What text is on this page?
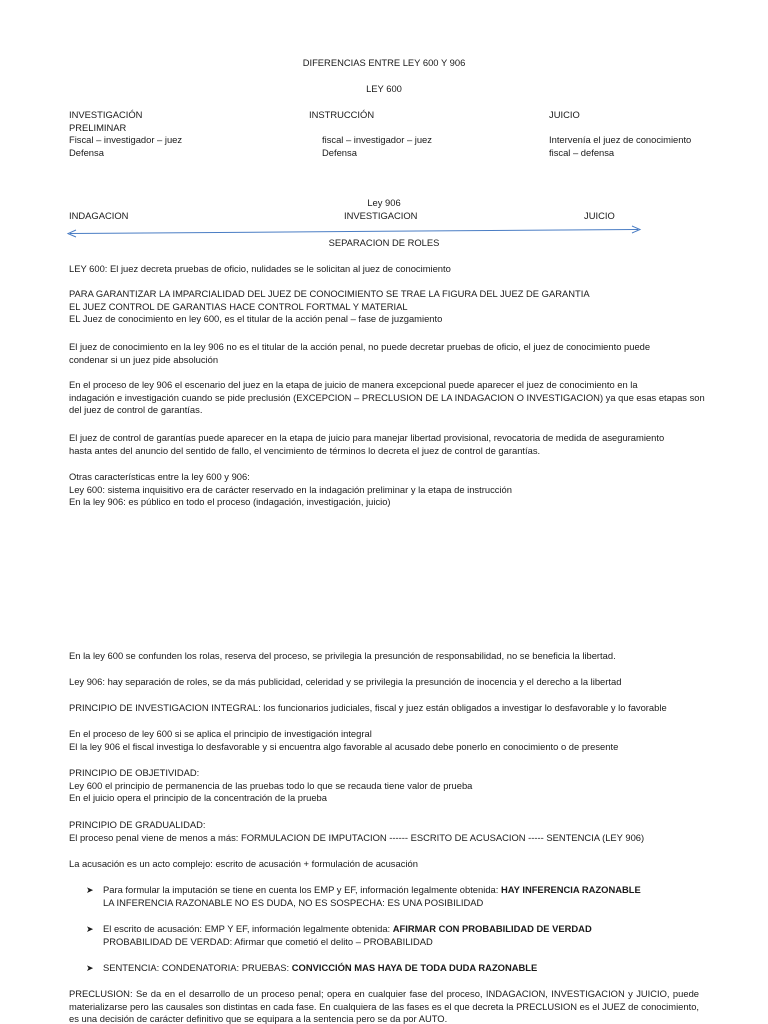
DIFERENCIAS ENTRE LEY 600 Y 906
LEY 600
INVESTIGACIÓN
PRELIMINAR
Fiscal – investigador – juez
Defensa
INSTRUCCIÓN
fiscal – investigador – juez
Defensa
JUICIO
Intervenía el juez de conocimiento
fiscal – defensa
Ley 906
INDAGACION	INVESTIGACION	JUICIO
SEPARACION DE ROLES
LEY 600: El juez decreta pruebas de oficio, nulidades se le solicitan al juez de conocimiento
PARA GARANTIZAR LA IMPARCIALIDAD DEL JUEZ DE CONOCIMIENTO SE TRAE LA FIGURA DEL JUEZ DE GARANTIA
EL JUEZ CONTROL DE GARANTIAS HACE CONTROL FORTMAL Y MATERIAL
EL Juez de conocimiento en ley 600, es el titular de la acción penal – fase de juzgamiento
El juez de conocimiento en la ley 906 no es el titular de la acción penal, no puede decretar pruebas de oficio, el juez de conocimiento puede
condenar si un juez pide absolución
En el proceso de ley 906 el escenario del juez en la etapa de juicio de manera excepcional puede aparecer el juez de conocimiento en la
indagación e investigación cuando se pide preclusión (EXCEPCION – PRECLUSION DE LA INDAGACION O INVESTIGACION) ya que esas etapas son
del juez de control de garantías.
El juez de control de garantías puede aparecer en la etapa de juicio para manejar libertad provisional, revocatoria de medida de aseguramiento
hasta antes del anuncio del sentido de fallo, el vencimiento de términos lo decreta el juez de control de garantías.
Otras características entre la ley 600 y 906:
Ley 600: sistema inquisitivo era de carácter reservado en la indagación preliminar y la etapa de instrucción
En la ley 906: es público en todo el proceso (indagación, investigación, juicio)
En la ley 600 se confunden los rolas, reserva del proceso, se privilegia la presunción de responsabilidad, no se beneficia la libertad.
Ley 906: hay separación de roles, se da más publicidad, celeridad y se privilegia la presunción de inocencia y el derecho a la libertad
PRINCIPIO DE INVESTIGACION INTEGRAL: los funcionarios judiciales, fiscal y juez están obligados a investigar lo desfavorable y lo favorable
En el proceso de ley 600 si se aplica el principio de investigación integral
El la ley 906 el fiscal investiga lo desfavorable y si encuentra algo favorable al acusado debe ponerlo en conocimiento o de presente
PRINCIPIO DE OBJETIVIDAD:
Ley 600 el principio de permanencia de las pruebas todo lo que se recauda tiene valor de prueba
En el juicio opera el principio de la concentración de la prueba
PRINCIPIO DE GRADUALIDAD:
El proceso penal viene de menos a más: FORMULACION DE IMPUTACION ------ ESCRITO DE ACUSACION ----- SENTENCIA (LEY 906)
La acusación es un acto complejo: escrito de acusación + formulación de acusación
➤ Para formular la imputación se tiene en cuenta los EMP y EF, información legalmente obtenida: HAY INFERENCIA RAZONABLE
LA INFERENCIA RAZONABLE NO ES DUDA, NO ES SOSPECHA: ES UNA POSIBILIDAD
➤ El escrito de acusación: EMP Y EF, información legalmente obtenida: AFIRMAR CON PROBABILIDAD DE VERDAD
PROBABILIDAD DE VERDAD: Afirmar que cometió el delito – PROBABILIDAD
➤ SENTENCIA: CONDENATORIA: PRUEBAS: CONVICCIÓN MAS HAYA DE TODA DUDA RAZONABLE
PRECLUSION: Se da en el desarrollo de un proceso penal; opera en cualquier fase del proceso, INDAGACION, INVESTIGACION y JUICIO, puede materializarse pero las causales son distintas en cada fase. En cualquiera de las fases es el que decreta la PRECLUSION es el JUEZ de conocimiento, es una decisión de carácter definitivo que se equipara a la sentencia pero se da por AUTO.
